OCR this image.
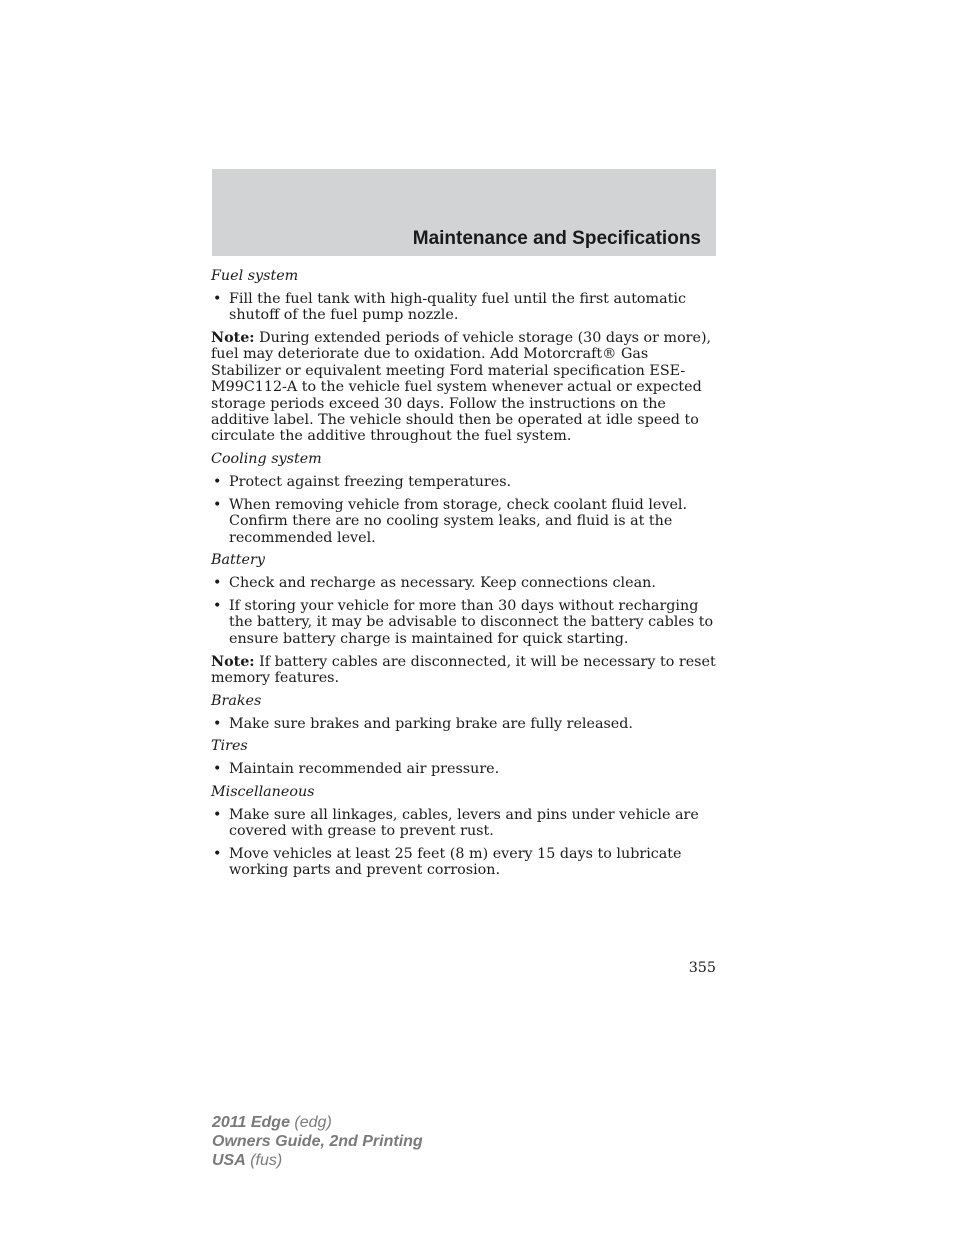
Maintenance and Specifications

Fuel system

• Fill the fuel tank with high-quality fuel until the first automatic shutoff of the fuel pump nozzle.

Note: During extended periods of vehicle storage (30 days or more), fuel may deteriorate due to oxidation. Add Motorcraft® Gas Stabilizer or equivalent meeting Ford material specification ESE-M99C112-A to the vehicle fuel system whenever actual or expected storage periods exceed 30 days. Follow the instructions on the additive label. The vehicle should then be operated at idle speed to circulate the additive throughout the fuel system.

Cooling system

• Protect against freezing temperatures.
• When removing vehicle from storage, check coolant fluid level. Confirm there are no cooling system leaks, and fluid is at the recommended level.

Battery

• Check and recharge as necessary. Keep connections clean.
• If storing your vehicle for more than 30 days without recharging the battery, it may be advisable to disconnect the battery cables to ensure battery charge is maintained for quick starting.

Note: If battery cables are disconnected, it will be necessary to reset memory features.

Brakes

• Make sure brakes and parking brake are fully released.

Tires

• Maintain recommended air pressure.

Miscellaneous

• Make sure all linkages, cables, levers and pins under vehicle are covered with grease to prevent rust.
• Move vehicles at least 25 feet (8 m) every 15 days to lubricate working parts and prevent corrosion.
355
2011 Edge (edg)
Owners Guide, 2nd Printing
USA (fus)
